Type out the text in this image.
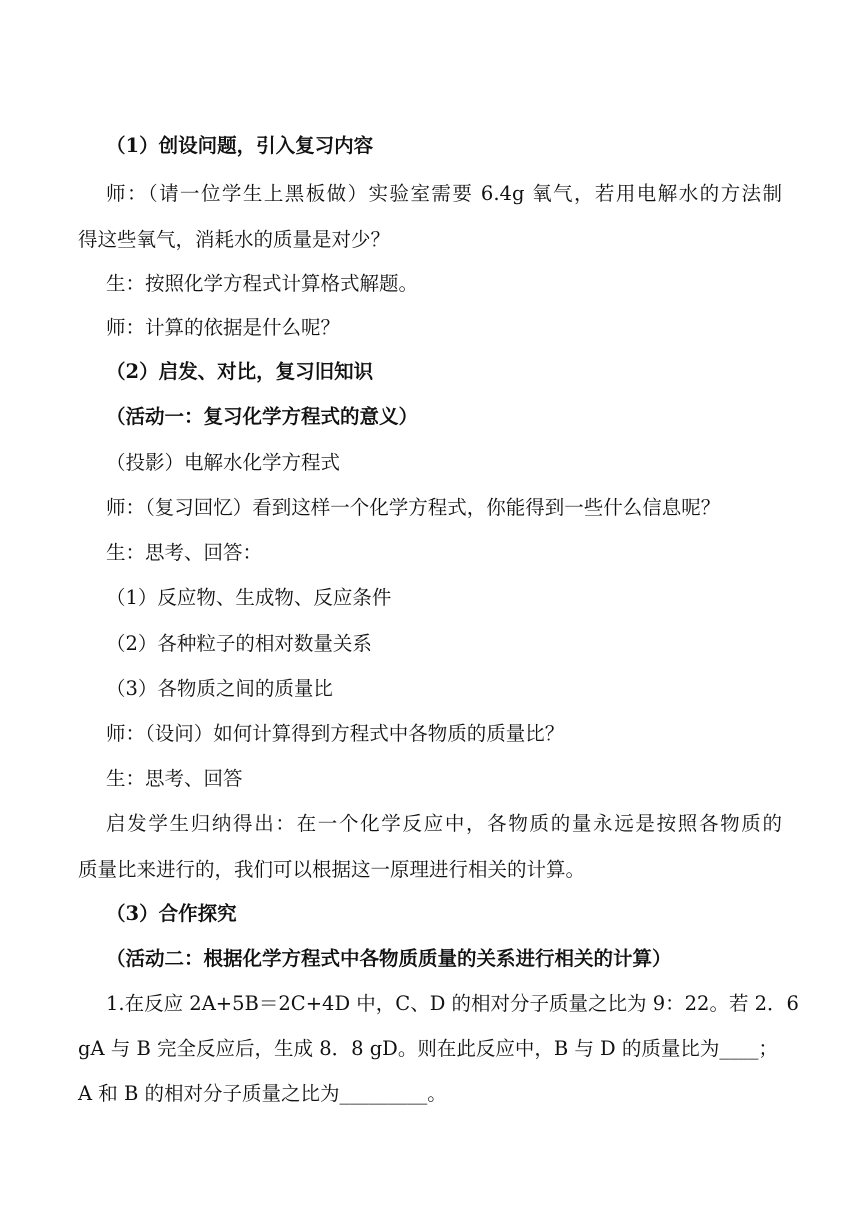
（1）创设问题，引入复习内容
师：（请一位学生上黑板做）实验室需要 6.4g 氧气，若用电解水的方法制
得这些氧气，消耗水的质量是对少？
生：按照化学方程式计算格式解题。
师：计算的依据是什么呢？
（2）启发、对比，复习旧知识
（活动一：复习化学方程式的意义）
（投影）电解水化学方程式
师：（复习回忆）看到这样一个化学方程式，你能得到一些什么信息呢？
生：思考、回答：
（1）反应物、生成物、反应条件
（2）各种粒子的相对数量关系
（3）各物质之间的质量比
师：（设问）如何计算得到方程式中各物质的质量比？
生：思考、回答
启发学生归纳得出：在一个化学反应中，各物质的量永远是按照各物质的
质量比来进行的，我们可以根据这一原理进行相关的计算。
（3）合作探究
（活动二：根据化学方程式中各物质质量的关系进行相关的计算）
1.在反应 2A+5B＝2C+4D 中，C、D 的相对分子质量之比为 9：22。若 2．6
gA 与 B 完全反应后，生成 8．8 gD。则在此反应中，B 与 D 的质量比为____；
A 和 B 的相对分子质量之比为_________。
